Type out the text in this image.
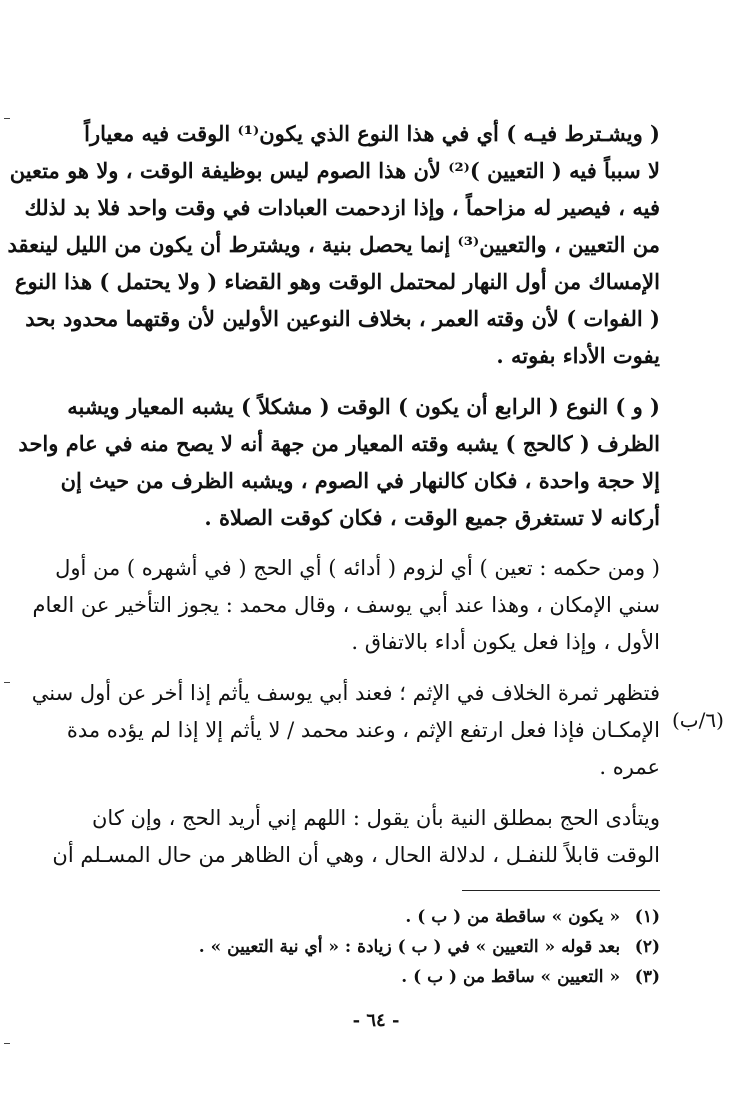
( ويشـترط فيـه ) أي في هذا النوع الذي يكون⁽¹⁾ الوقت فيه معياراً
لا سبباً فيه ( التعيين )⁽²⁾ لأن هذا الصوم ليس بوظيفة الوقت ، ولا هو متعين
فيه ، فيصير له مزاحماً ، وإذا ازدحمت العبادات في وقت واحد فلا بد لذلك
من التعيين ، والتعيين⁽³⁾ إنما يحصل بنية ، ويشترط أن يكون من الليل لينعقد
الإمساك من أول النهار لمحتمل الوقت وهو القضاء ( ولا يحتمل ) هذا النوع
( الفوات ) لأن وقته العمر ، بخلاف النوعين الأولين لأن وقتهما محدود بحد
يفوت الأداء بفوته .
( و ) النوع ( الرابع أن يكون ) الوقت ( مشكلاً ) يشبه المعيار ويشبه
الظرف ( كالحج ) يشبه وقته المعيار من جهة أنه لا يصح منه في عام واحد
إلا حجة واحدة ، فكان كالنهار في الصوم ، ويشبه الظرف من حيث إن
أركانه لا تستغرق جميع الوقت ، فكان كوقت الصلاة .
( ومن حكمه : تعين ) أي لزوم ( أدائه ) أي الحج ( في أشهره ) من أول
سني الإمكان ، وهذا عند أبي يوسف ، وقال محمد : يجوز التأخير عن العام
الأول ، وإذا فعل يكون أداء بالاتفاق .
فتظهر ثمرة الخلاف في الإثم ؛ فعند أبي يوسف يأثم إذا أخر عن أول سني
الإمكـان فإذا فعل ارتفع الإثم ، وعند محمد / لا يأثم إلا إذا لم يؤده مدة
عمره .
ويتأدى الحج بمطلق النية بأن يقول : اللهم إني أريد الحج ، وإن كان
الوقت قابلاً للنفـل ، لدلالة الحال ، وهي أن الظاهر من حال المسـلم أن
(٦/ب)
(١) « يكون » ساقطة من ( ب ) .
(٢) بعد قوله « التعيين » في ( ب ) زيادة : « أي نية التعيين » .
(٣) « التعيين » ساقط من ( ب ) .
- ٦٤ -
